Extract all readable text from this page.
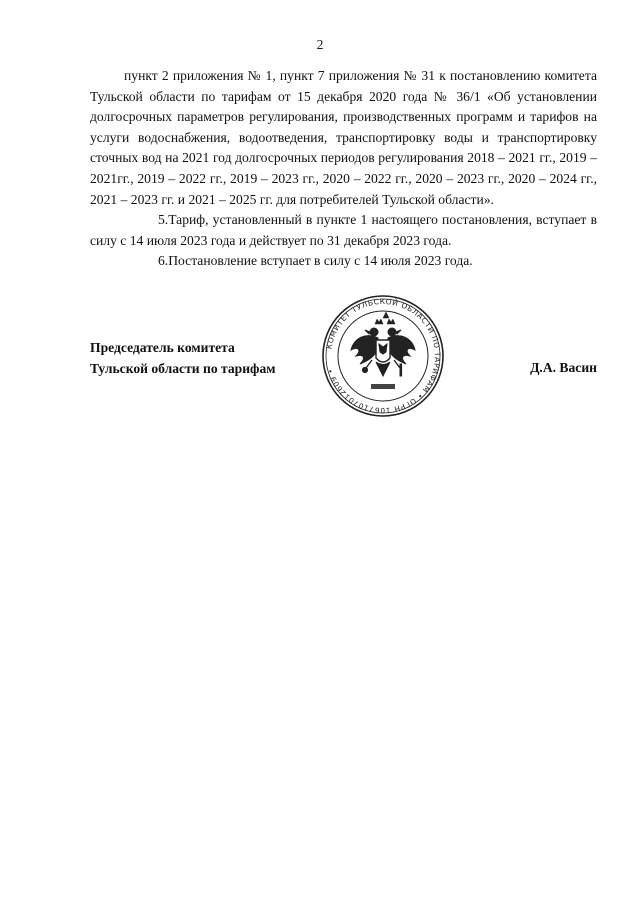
2

пункт 2 приложения № 1, пункт 7 приложения № 31 к постановлению комитета Тульской области по тарифам от 15 декабря 2020 года № 36/1 «Об установлении долгосрочных параметров регулирования, производственных программ и тарифов на услуги водоснабжения, водоотведения, транспортировку воды и транспортировку сточных вод на 2021 год долгосрочных периодов регулирования 2018 – 2021 гг., 2019 – 2021гг., 2019 – 2022 гг., 2019 – 2023 гг., 2020 – 2022 гг., 2020 – 2023 гг., 2020 – 2024 гг., 2021 – 2023 гг. и 2021 – 2025 гг. для потребителей Тульской области».

5.Тариф, установленный в пункте 1 настоящего постановления, вступает в силу с 14 июля 2023 года и действует по 31 декабря 2023 года.

6.Постановление вступает в силу с 14 июля 2023 года.

Председатель комитета
Тульской области по тарифам	Д.А. Васин
КОМИТЕТ ТУЛЬСКОЙ ОБЛАСТИ ПО ТАРИФАМ • ОГРН 1067107012609 •
